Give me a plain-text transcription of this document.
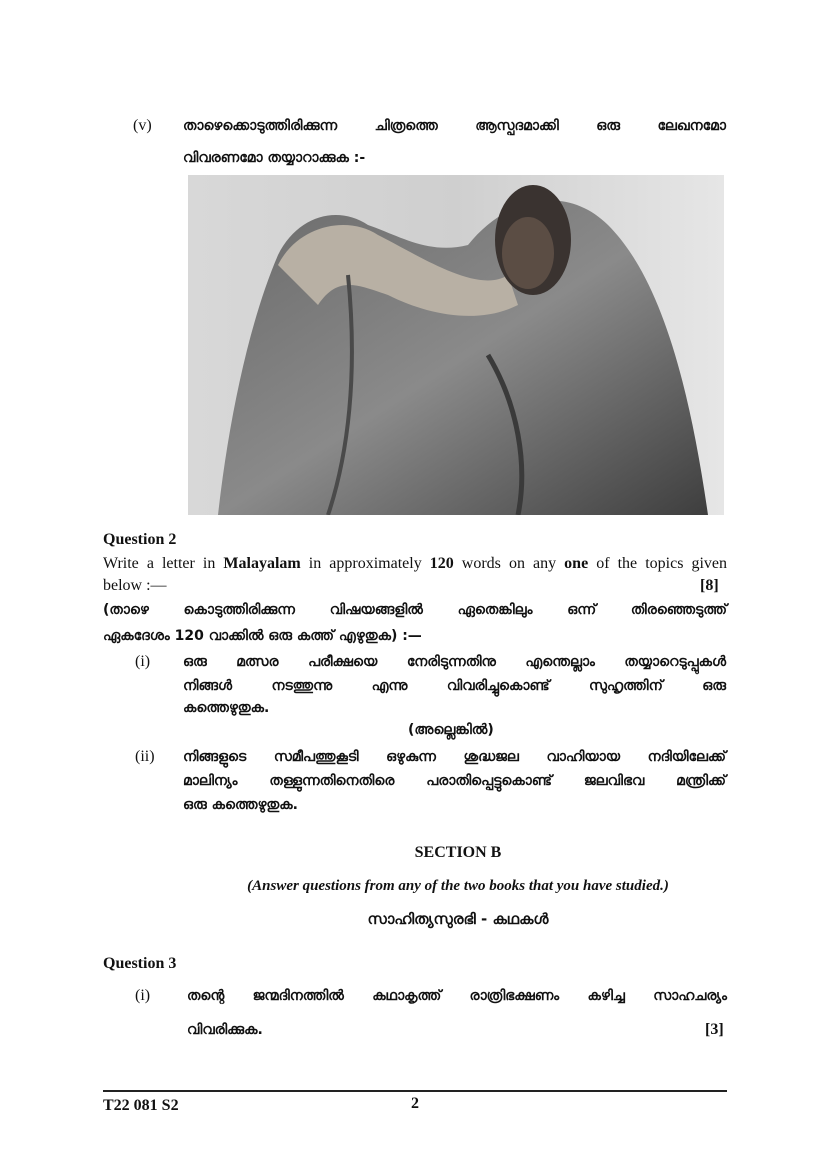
(v) താഴെക്കൊടുത്തിരിക്കുന്ന ചിത്രത്തെ ആസ്പദമാക്കി ഒരു ലേഖനമോ
വിവരണമോ തയ്യാറാക്കുക :-
Question 2
Write a letter in Malayalam in approximately 120 words on any one of the topics given
below :—	[8]
(താഴെ കൊടുത്തിരിക്കുന്ന വിഷയങ്ങളിൽ ഏതെങ്കിലും ഒന്ന് തിരഞ്ഞെടുത്ത്
ഏകദേശം 120 വാക്കിൽ ഒരു കത്ത് എഴുതുക) :—
(i) ഒരു മത്സര പരീക്ഷയെ നേരിടുന്നതിനു എന്തെല്ലാം തയ്യാറെടുപ്പുകൾ
നിങ്ങൾ നടത്തുന്നു എന്നു വിവരിച്ചുകൊണ്ട് സുഹൃത്തിന് ഒരു
കത്തെഴുതുക.
(അല്ലെങ്കിൽ)
(ii) നിങ്ങളുടെ സമീപത്തുകൂടി ഒഴുകുന്ന ശുദ്ധജല വാഹിയായ നദിയിലേക്ക്
മാലിന്യം തള്ളുന്നതിനെതിരെ പരാതിപ്പെട്ടുകൊണ്ട് ജലവിഭവ മന്ത്രിക്ക്
ഒരു കത്തെഴുതുക.
SECTION B
(Answer questions from any of the two books that you have studied.)
സാഹിത്യസുരഭി - കഥകൾ
Question 3
(i)	തന്റെ ജന്മദിനത്തിൽ കഥാകൃത്ത് രാത്രിഭക്ഷണം കഴിച്ച സാഹചര്യം
വിവരിക്കുക.	[3]
T22 081 S2	2
